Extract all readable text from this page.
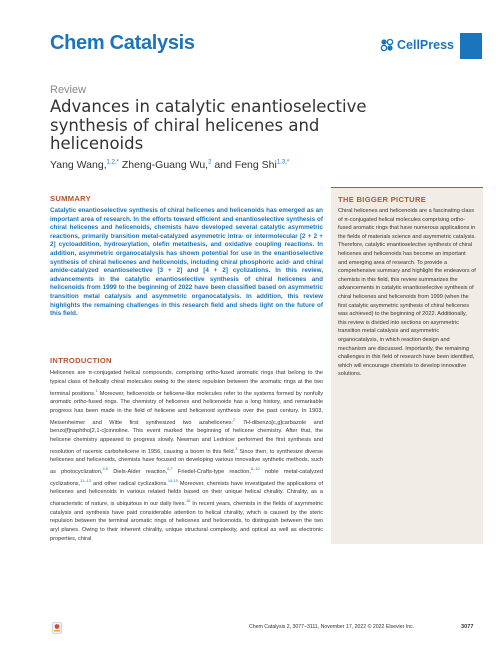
Chem Catalysis	CellPress
Review
Advances in catalytic enantioselective synthesis of chiral helicenes and helicenoids
Yang Wang,$^{1,2,*}$ Zheng-Guang Wu,$^2$ and Feng Shi$^{1,3,*}$
SUMMARY

Catalytic enantioselective synthesis of chiral helicenes and helicenoids has emerged as an important area of research. In the efforts toward efficient and enantioselective synthesis of chiral helicenes and helicenoids, chemists have developed several catalytic asymmetric reactions, primarily transition metal-catalyzed asymmetric intra- or intermolecular [2 + 2 + 2] cycloaddition, hydroarylation, olefin metathesis, and oxidative coupling reactions. In addition, asymmetric organocatalysis has shown potential for use in the enantioselective synthesis of chiral helicenes and helicenoids, including chiral phosphoric acid- and chiral amide-catalyzed enantioselective [3 + 2] and [4 + 2] cyclizations. In this review, advancements in the catalytic enantioselective synthesis of chiral helicenes and helicenoids from 1999 to the beginning of 2022 have been classified based on asymmetric transition metal catalysis and asymmetric organocatalysis. In addition, this review highlights the remaining challenges in this research field and sheds light on the future of this field.

INTRODUCTION

Helicenes are π-conjugated helical compounds, comprising ortho-fused aromatic rings that belong to the typical class of helically chiral molecules owing to the steric repulsion between the aromatic rings at the two terminal positions.$^1$ Moreover, helicenoids or helicene-like molecules refer to the systems formed by nonfully aromatic ortho-fused rings. The chemistry of helicenes and helicenoids has a long history, and remarkable progress has been made in the field of helicene and helicenoid synthesis over the past century. In 1903, Meisenheimer and Witte first synthesized two azahelicenes:$^2$ 7H-dibenzo[c,g]carbazole and benzo[f]naphtho[2,1-c]cinnoline. This event marked the beginning of helicene chemistry. After that, the helicene chemistry appeared to progress slowly. Newman and Lednicer performed the first synthesis and resolution of racemic carbohelicene in 1956, causing a boom in this field.$^3$ Since then, to synthesize diverse helicenes and helicenoids, chemists have focused on developing various innovative synthetic methods, such as photocyclization,$^{4,5}$ Diels-Alder reaction,$^{6,7}$ Friedel-Crafts-type reaction,$^{8-10}$ noble metal-catalyzed cyclizations,$^{11-13}$ and other radical cyclizations.$^{14,15}$ Moreover, chemists have investigated the applications of helicenes and helicenoids in various related fields based on their unique helical chirality. Chirality, as a characteristic of nature, is ubiquitous in our daily lives.$^{16}$ In recent years, chemists in the fields of asymmetric catalysis and synthesis have paid considerable attention to helical chirality, which is caused by the steric repulsion between the terminal aromatic rings of helicenes and helicenoids, to distinguish between the two aryl planes. Owing to their inherent chirality, unique structural complexity, and optical as well as electronic properties, chiral

THE BIGGER PICTURE

Chiral helicenes and helicenoids are a fascinating class of π-conjugated helical molecules comprising ortho-fused aromatic rings that have numerous applications in the fields of materials science and asymmetric catalysis. Therefore, catalytic enantioselective synthesis of chiral helicenes and helicenoids has become an important and emerging area of research. To provide a comprehensive summary and highlight the endeavors of chemists in this field, this review summarizes the advancements in catalytic enantioselective synthesis of chiral helicenes and helicenoids from 1999 (when the first catalytic asymmetric synthesis of chiral helicenes was achieved) to the beginning of 2022. Additionally, this review is divided into sections on asymmetric transition metal catalysis and asymmetric organocatalysis, in which reaction design and mechanism are discussed. Importantly, the remaining challenges in this field of research have been identified, which will encourage chemists to develop innovative solutions.

Chem Catalysis 2, 3077–3111, November 17, 2022 © 2022 Elsevier Inc.	3077
